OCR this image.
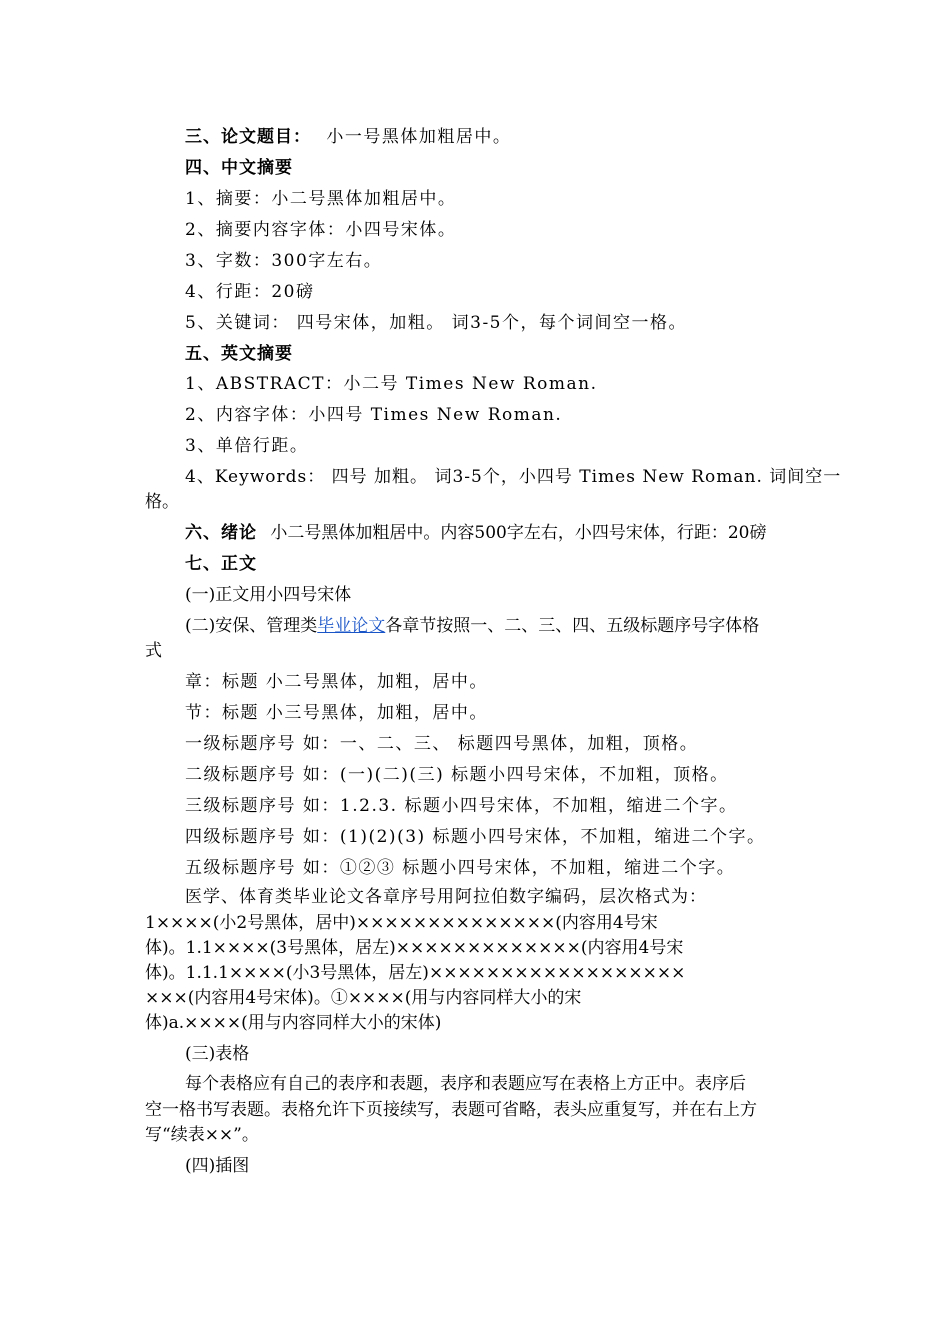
三、论文题目： 小一号黑体加粗居中。
四、中文摘要
1、摘要：小二号黑体加粗居中。
2、摘要内容字体：小四号宋体。
3、字数：300字左右。
4、行距：20磅
5、关键词： 四号宋体，加粗。 词3-5个，每个词间空一格。
五、英文摘要
1、ABSTRACT：小二号 Times New Roman.
2、内容字体：小四号 Times New Roman.
3、单倍行距。
4、Keywords： 四号 加粗。 词3-5个，小四号 Times New Roman. 词间空一
格。
六、绪论 小二号黑体加粗居中。内容500字左右，小四号宋体，行距：20磅
七、正文
(一)正文用小四号宋体
(二)安保、管理类毕业论文各章节按照一、二、三、四、五级标题序号字体格
式
章：标题 小二号黑体，加粗，居中。
节：标题 小三号黑体，加粗，居中。
一级标题序号 如：一、二、三、 标题四号黑体，加粗，顶格。
二级标题序号 如：(一)(二)(三) 标题小四号宋体，不加粗，顶格。
三级标题序号 如：1.2.3. 标题小四号宋体，不加粗，缩进二个字。
四级标题序号 如：(1)(2)(3) 标题小四号宋体，不加粗，缩进二个字。
五级标题序号 如：①②③ 标题小四号宋体，不加粗，缩进二个字。
医学、体育类毕业论文各章序号用阿拉伯数字编码，层次格式为：
1××××(小2号黑体，居中)××××××××××××××(内容用4号宋
体)。1.1××××(3号黑体，居左)×××××××××××××(内容用4号宋
体)。1.1.1××××(小3号黑体，居左)××××××××××××××××××
×××(内容用4号宋体)。①××××(用与内容同样大小的宋
体)a.××××(用与内容同样大小的宋体)
(三)表格
每个表格应有自己的表序和表题，表序和表题应写在表格上方正中。表序后
空一格书写表题。表格允许下页接续写，表题可省略，表头应重复写，并在右上方
写“续表××”。
(四)插图
